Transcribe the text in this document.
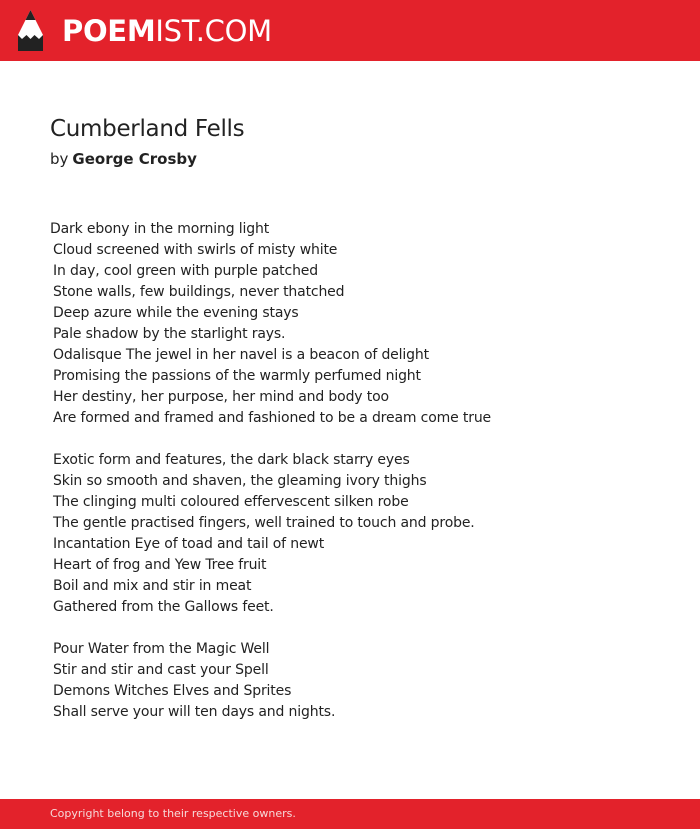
POEMIST.COM
Cumberland Fells
by George Crosby
Dark ebony in the morning light
Cloud screened with swirls of misty white
In day, cool green with purple patched
Stone walls, few buildings, never thatched
Deep azure while the evening stays
Pale shadow by the starlight rays.
Odalisque The jewel in her navel is a beacon of delight
Promising the passions of the warmly perfumed night
Her destiny, her purpose, her mind and body too
Are formed and framed and fashioned to be a dream come true
Exotic form and features, the dark black starry eyes
Skin so smooth and shaven, the gleaming ivory thighs
The clinging multi coloured effervescent silken robe
The gentle practised fingers, well trained to touch and probe.
Incantation Eye of toad and tail of newt
Heart of frog and Yew Tree fruit
Boil and mix and stir in meat
Gathered from the Gallows feet.
Pour Water from the Magic Well
Stir and stir and cast your Spell
Demons Witches Elves and Sprites
Shall serve your will ten days and nights.
Copyright belong to their respective owners.
